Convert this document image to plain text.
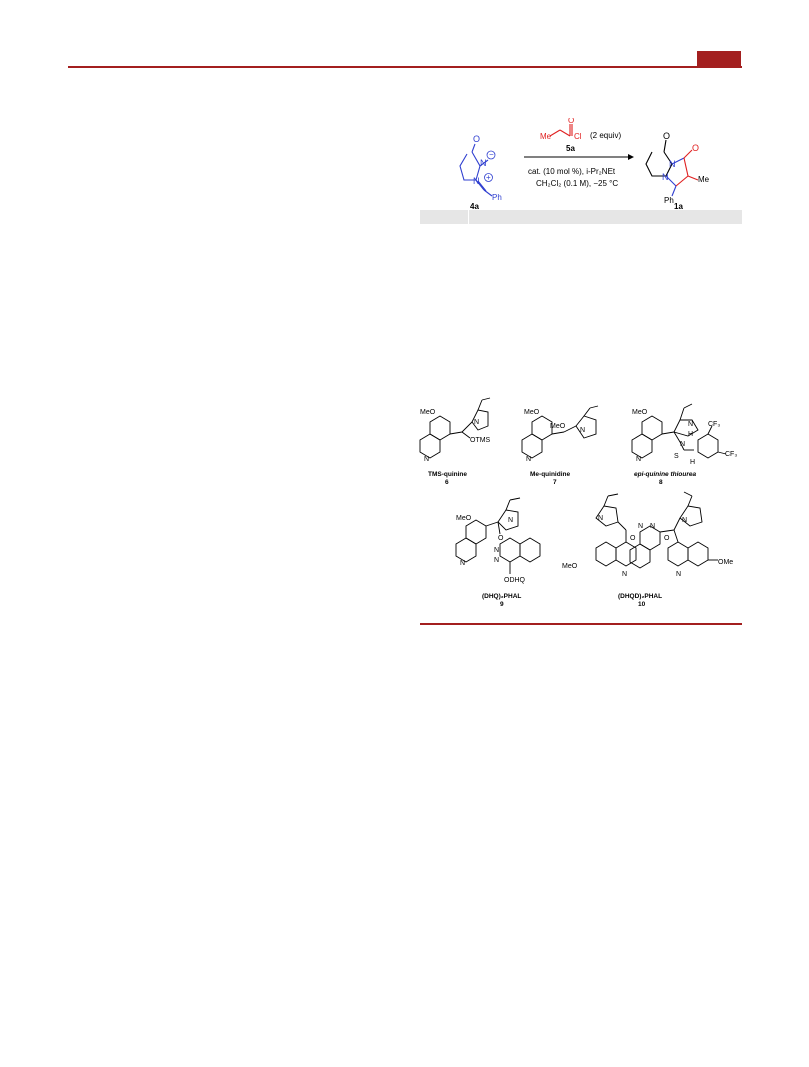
O
N
−
N +
Ph
4a
Me
O
Cl (2 equiv)
5a
cat. (10 mol %), i-Pr₂NEt
CH₂Cl₂ (0.1 M), −25 °C
O
O
N
N
Ph
Me
1a
MeO
N
N
OTMS
TMS-quinine
6
MeO
MeO
N
N
Me-quinidine
7
MeO
N
N
H
N
H
S
CF₃
CF₃
epi-quinine thiourea
8
MeO
N
N
O
N
N
ODHQ
(DHQ)₂PHAL
9
MeO
N
N
N N
O	O
N
N
OMe
(DHQD)₂PHAL
10
